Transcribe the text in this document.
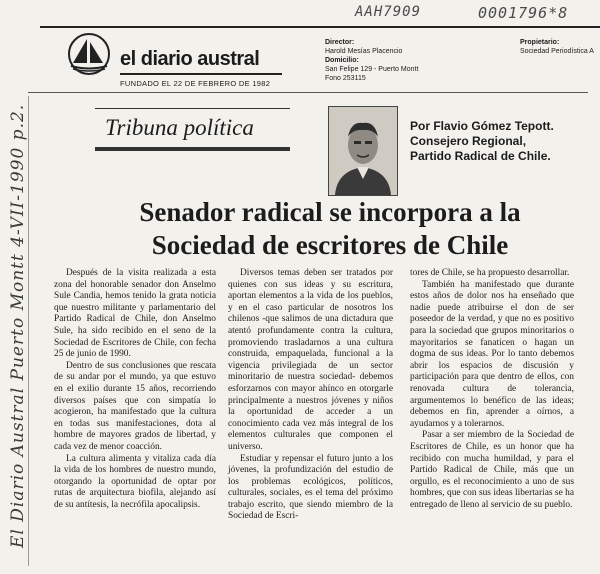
AAH7909	0001796*8
El Diario Austral Puerto Montt 4-VII-1990 p.2.
el diario austral
FUNDADO EL 22 DE FEBRERO DE 1982
Director:
Harold Mesías Placencio
Domicilio:
San Felipe 129 - Puerto Montt
Fono 253115
Propietario:
Sociedad Periodística A
Tribuna política	Por Flavio Gómez Tepott.
Consejero Regional,
Partido Radical de Chile.
Senador radical se incorpora a la
Sociedad de escritores de Chile

Después de la visita realizada a esta zona del honorable senador don Anselmo Sule Candia, hemos tenido la grata noticia que nuestro militante y parlamentario del Partido Radical de Chile, don Anselmo Sule, ha sido recibido en el seno de la Sociedad de Escritores de Chile, con fecha 25 de junio de 1990.

Dentro de sus conclusiones que rescata de su andar por el mundo, ya que estuvo en el exilio durante 15 años, recorriendo diversos países que con simpatía lo acogieron, ha manifestado que la cultura en todas sus manifestaciones, dota al hombre de mayores grados de libertad, y cada vez de menor coacción.

La cultura alimenta y vitaliza cada día la vida de los hombres de nuestro mundo, otorgando la oportunidad de optar por rutas de arquitectura biofila, alejando así de su antítesis, la necrófila apocalipsis.

Diversos temas deben ser tratados por quienes con sus ideas y su escritura, aportan elementos a la vida de los pueblos, y en el caso particular de nosotros los chilenos -que salimos de una dictadura que atentó profundamente contra la cultura, promoviendo trasladarnos a una cultura construida, empaquelada, funcional a la vigencia privilegiada de un sector minoritario de nuestra sociedad- debemos esforzarnos con mayor ahínco en otorgarle principalmente a nuestros jóvenes y niños la oportunidad de acceder a un conocimiento cada vez más integral de los elementos culturales que componen el universo.

Estudiar y repensar el futuro junto a los jóvenes, la profundización del estudio de los problemas ecológicos, políticos, culturales, sociales, es el tema del próximo trabajo escrito, que siendo miembro de la Sociedad de Escri-

tores de Chile, se ha propuesto desarrollar.

También ha manifestado que durante estos años de dolor nos ha enseñado que nadie puede atribuirse el don de ser poseedor de la verdad, y que no es positivo para la sociedad que grupos minoritarios o mayoritarios se fanaticen o hagan un dogma de sus ideas. Por lo tanto debemos abrir los espacios de discusión y participación para que dentro de ellos, con renovada cultura de tolerancia, argumentemos lo benéfico de las ideas; debemos en fin, aprender a oírnos, a ayudarnos y a tolerarnos.

Pasar a ser miembro de la Sociedad de Escritores de Chile, es un honor que ha recibido con mucha humildad, y para el Partido Radical de Chile, más que un orgullo, es el reconocimiento a uno de sus hombres, que con sus ideas libertarias se ha entregado de lleno al servicio de su pueblo.
